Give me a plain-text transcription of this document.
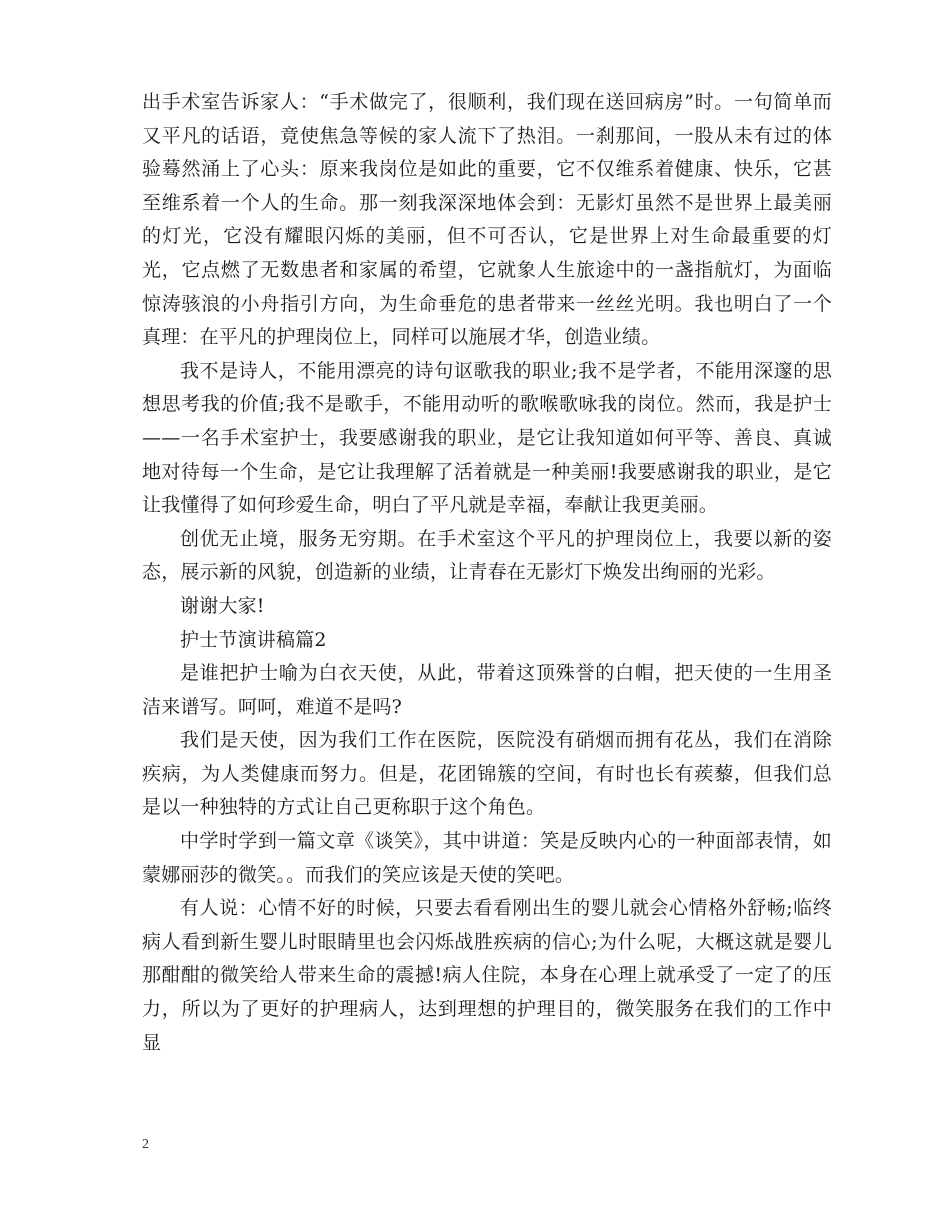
出手术室告诉家人：“手术做完了，很顺利，我们现在送回病房”时。一句简单而又平凡的话语，竟使焦急等候的家人流下了热泪。一刹那间，一股从未有过的体验蓦然涌上了心头：原来我岗位是如此的重要，它不仅维系着健康、快乐，它甚至维系着一个人的生命。那一刻我深深地体会到：无影灯虽然不是世界上最美丽的灯光，它没有耀眼闪烁的美丽，但不可否认，它是世界上对生命最重要的灯光，它点燃了无数患者和家属的希望，它就象人生旅途中的一盏指航灯，为面临惊涛骇浪的小舟指引方向，为生命垂危的患者带来一丝丝光明。我也明白了一个真理：在平凡的护理岗位上，同样可以施展才华，创造业绩。

我不是诗人，不能用漂亮的诗句讴歌我的职业;我不是学者，不能用深邃的思想思考我的价值;我不是歌手，不能用动听的歌喉歌咏我的岗位。然而，我是护士——一名手术室护士，我要感谢我的职业，是它让我知道如何平等、善良、真诚地对待每一个生命，是它让我理解了活着就是一种美丽!我要感谢我的职业，是它让我懂得了如何珍爱生命，明白了平凡就是幸福，奉献让我更美丽。

创优无止境，服务无穷期。在手术室这个平凡的护理岗位上，我要以新的姿态，展示新的风貌，创造新的业绩，让青春在无影灯下焕发出绚丽的光彩。

谢谢大家!

护士节演讲稿篇2

是谁把护士喻为白衣天使，从此，带着这顶殊誉的白帽，把天使的一生用圣洁来谱写。呵呵，难道不是吗?

我们是天使，因为我们工作在医院，医院没有硝烟而拥有花丛，我们在消除疾病，为人类健康而努力。但是，花团锦簇的空间，有时也长有蒺藜，但我们总是以一种独特的方式让自己更称职于这个角色。

中学时学到一篇文章《谈笑》，其中讲道：笑是反映内心的一种面部表情，如蒙娜丽莎的微笑。。而我们的笑应该是天使的笑吧。

有人说：心情不好的时候，只要去看看刚出生的婴儿就会心情格外舒畅;临终病人看到新生婴儿时眼睛里也会闪烁战胜疾病的信心;为什么呢，大概这就是婴儿那酣酣的微笑给人带来生命的震撼!病人住院，本身在心理上就承受了一定了的压力，所以为了更好的护理病人，达到理想的护理目的，微笑服务在我们的工作中显

2
